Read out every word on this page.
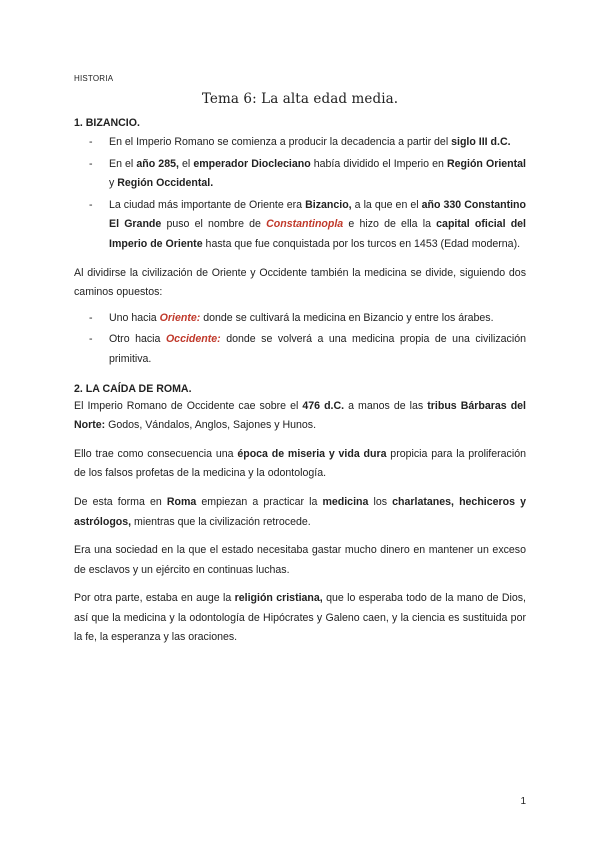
HISTORIA
Tema 6: La alta edad media.
1. BIZANCIO.
- En el Imperio Romano se comienza a producir la decadencia a partir del siglo III d.C.
- En el año 285, el emperador Diocleciano había dividido el Imperio en Región Oriental y Región Occidental.
- La ciudad más importante de Oriente era Bizancio, a la que en el año 330 Constantino El Grande puso el nombre de Constantinopla e hizo de ella la capital oficial del Imperio de Oriente hasta que fue conquistada por los turcos en 1453 (Edad moderna).

Al dividirse la civilización de Oriente y Occidente también la medicina se divide, siguiendo dos caminos opuestos:

- Uno hacia Oriente: donde se cultivará la medicina en Bizancio y entre los árabes.
- Otro hacia Occidente: donde se volverá a una medicina propia de una civilización primitiva.
2. LA CAÍDA DE ROMA.

El Imperio Romano de Occidente cae sobre el 476 d.C. a manos de las tribus Bárbaras del Norte: Godos, Vándalos, Anglos, Sajones y Hunos.

Ello trae como consecuencia una época de miseria y vida dura propicia para la proliferación de los falsos profetas de la medicina y la odontología.

De esta forma en Roma empiezan a practicar la medicina los charlatanes, hechiceros y astrólogos, mientras que la civilización retrocede.

Era una sociedad en la que el estado necesitaba gastar mucho dinero en mantener un exceso de esclavos y un ejército en continuas luchas.

Por otra parte, estaba en auge la religión cristiana, que lo esperaba todo de la mano de Dios, así que la medicina y la odontología de Hipócrates y Galeno caen, y la ciencia es sustituida por la fe, la esperanza y las oraciones.

1
